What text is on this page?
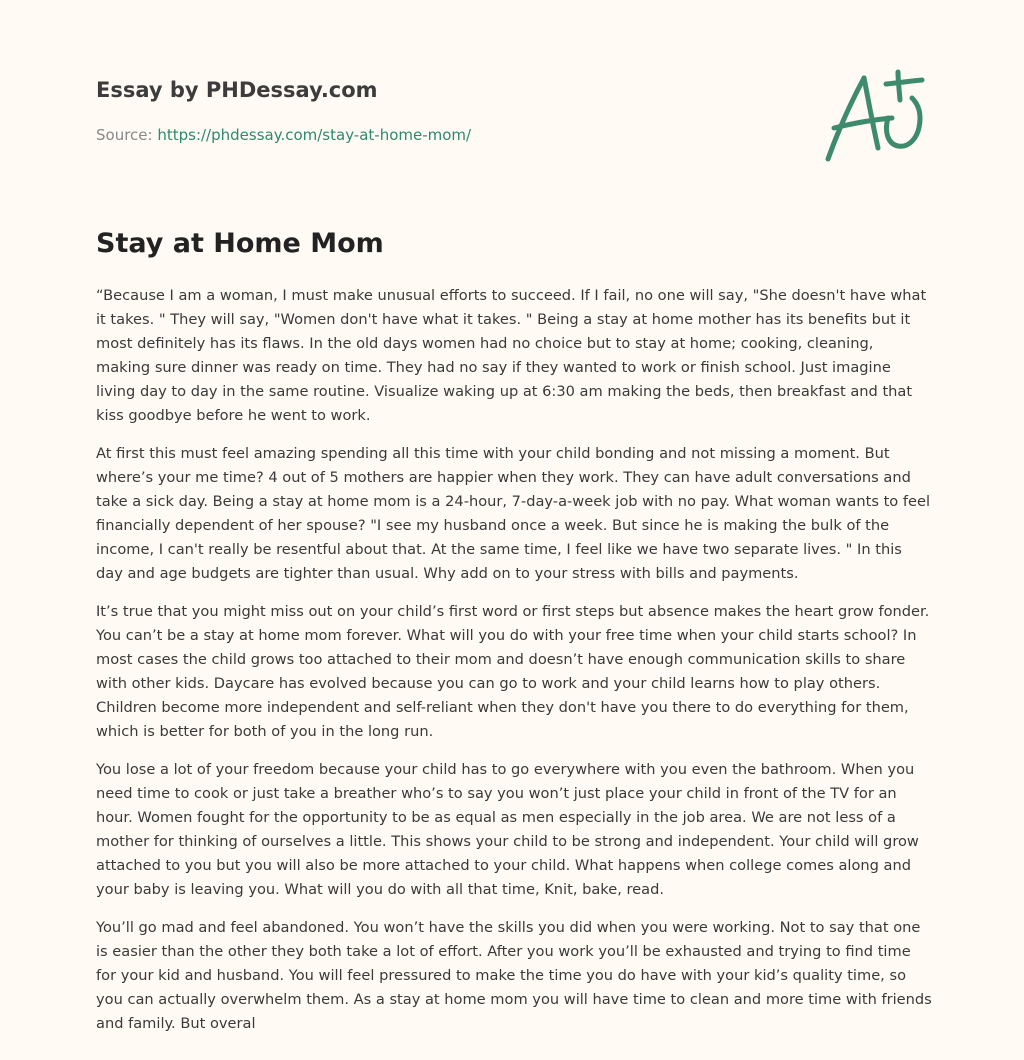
Essay by PHDessay.com
Source: https://phdessay.com/stay-at-home-mom/
Stay at Home Mom

“Because I am a woman, I must make unusual efforts to succeed. If I fail, no one will say, "She doesn't have what it takes. " They will say, "Women don't have what it takes. " Being a stay at home mother has its benefits but it most definitely has its flaws. In the old days women had no choice but to stay at home; cooking, cleaning, making sure dinner was ready on time. They had no say if they wanted to work or finish school. Just imagine living day to day in the same routine. Visualize waking up at 6:30 am making the beds, then breakfast and that kiss goodbye before he went to work.

At first this must feel amazing spending all this time with your child bonding and not missing a moment. But where’s your me time? 4 out of 5 mothers are happier when they work. They can have adult conversations and take a sick day. Being a stay at home mom is a 24-hour, 7-day-a-week job with no pay. What woman wants to feel financially dependent of her spouse? "I see my husband once a week. But since he is making the bulk of the income, I can't really be resentful about that. At the same time, I feel like we have two separate lives. " In this day and age budgets are tighter than usual. Why add on to your stress with bills and payments.

It’s true that you might miss out on your child’s first word or first steps but absence makes the heart grow fonder. You can’t be a stay at home mom forever. What will you do with your free time when your child starts school? In most cases the child grows too attached to their mom and doesn’t have enough communication skills to share with other kids. Daycare has evolved because you can go to work and your child learns how to play others. Children become more independent and self-reliant when they don't have you there to do everything for them, which is better for both of you in the long run.

You lose a lot of your freedom because your child has to go everywhere with you even the bathroom. When you need time to cook or just take a breather who’s to say you won’t just place your child in front of the TV for an hour. Women fought for the opportunity to be as equal as men especially in the job area. We are not less of a mother for thinking of ourselves a little. This shows your child to be strong and independent. Your child will grow attached to you but you will also be more attached to your child. What happens when college comes along and your baby is leaving you. What will you do with all that time, Knit, bake, read.

You’ll go mad and feel abandoned. You won’t have the skills you did when you were working. Not to say that one is easier than the other they both take a lot of effort. After you work you’ll be exhausted and trying to find time for your kid and husband. You will feel pressured to make the time you do have with your kid’s quality time, so you can actually overwhelm them. As a stay at home mom you will have time to clean and more time with friends and family. But overal
